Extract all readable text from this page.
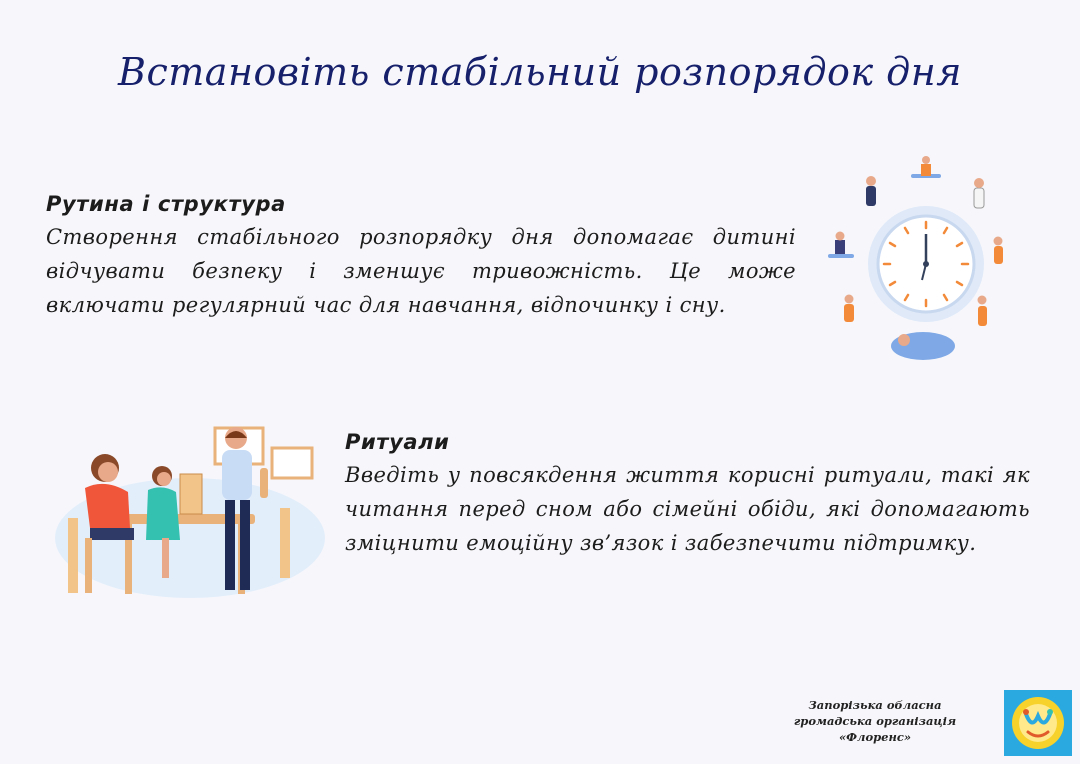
Встановіть стабільний розпорядок дня
Рутина і структура

Створення стабільного розпорядку дня допомагає дитині відчувати безпеку і зменшує тривожність. Це може включати регулярний час для навчання, відпочинку і сну.

Ритуали

Введіть у повсякдення життя корисні ритуали, такі як читання перед сном або сімейні обіди, які допомагають зміцнити емоційну зв’язок і забезпечити підтримку.

Запорізька обласна
громадська організація
«Флоренс»
